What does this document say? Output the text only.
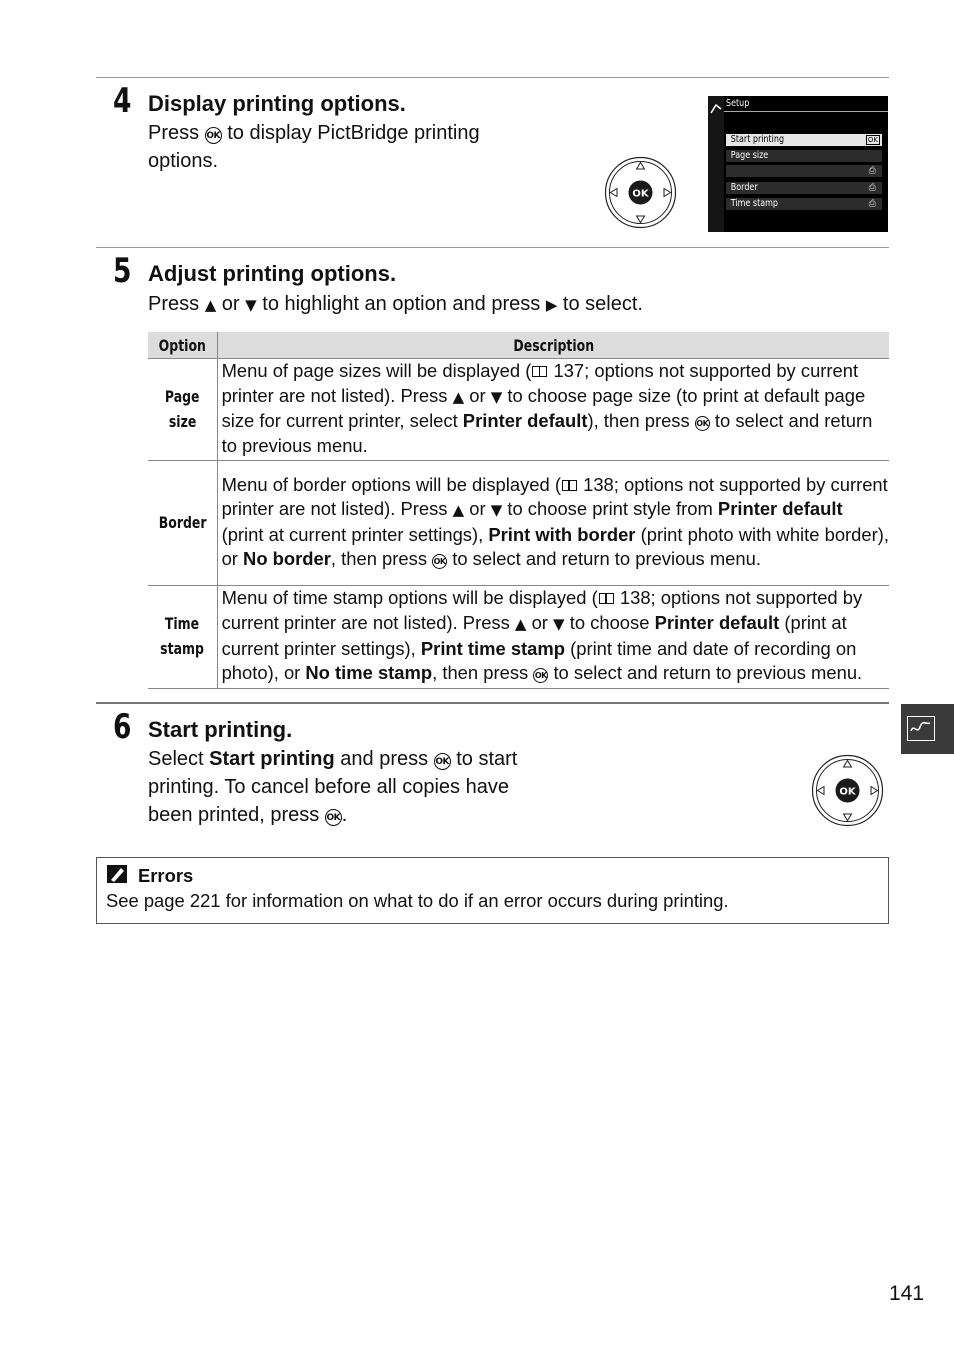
4 Display printing options.
Press OK to display PictBridge printing
options.
OK
Setup
Start printing	OK
Page size
⎙
Border	⎙
Time stamp	⎙
5 Adjust printing options.
Press ▲ or ▼ to highlight an option and press ▶ to select.
Option	Description
Page
size	Menu of page sizes will be displayed ( 137; options not supported by current printer are not listed). Press ▲ or ▼ to choose page size (to print at default page size for current printer, select Printer default), then press OK to select and return to previous menu.
Border	Menu of border options will be displayed ( 138; options not supported by current printer are not listed). Press ▲ or ▼ to choose print style from Printer default (print at current printer settings), Print with border (print photo with white border), or No border, then press OK to select and return to previous menu.
Time
stamp	Menu of time stamp options will be displayed ( 138; options not supported by current printer are not listed). Press ▲ or ▼ to choose Printer default (print at current printer settings), Print time stamp (print time and date of recording on photo), or No time stamp, then press OK to select and return to previous menu.
6 Start printing.
Select Start printing and press OK to start
printing. To cancel before all copies have
been printed, press OK.
OK
Errors
See page 221 for information on what to do if an error occurs during printing.
141
